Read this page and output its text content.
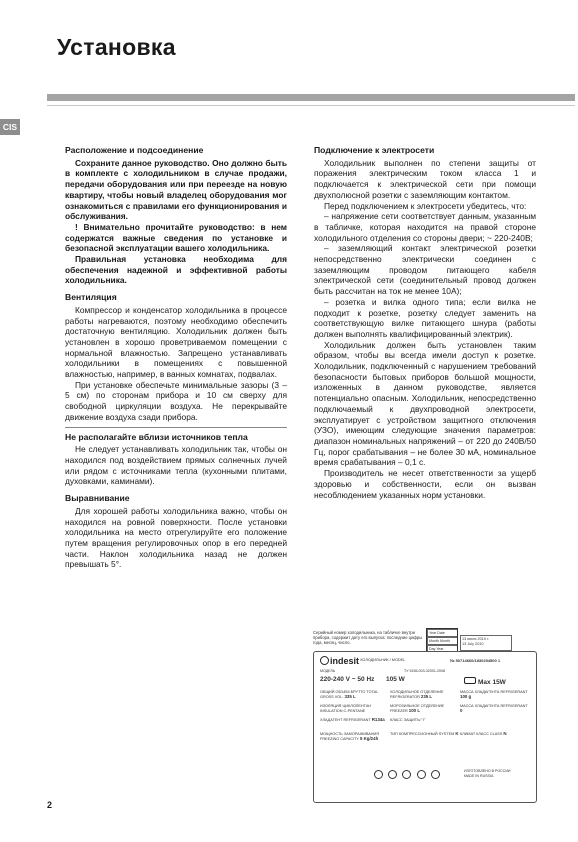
Установка
CIS
Расположение и подсоединение

Сохраните данное руководство. Оно должно быть в комплекте с холодильником в случае продажи, передачи оборудования или при переезде на новую квартиру, чтобы новый владелец оборудования мог ознакомиться с правилами его функционирования и обслуживания.

! Внимательно прочитайте руководство: в нем содержатся важные сведения по установке и безопасной эксплуатации вашего холодильника.

Правильная установка необходима для обеспечения надежной и эффективной работы холодильника.

Вентиляция

Компрессор и конденсатор холодильника в процессе работы нагреваются, поэтому необходимо обеспечить достаточную вентиляцию. Холодильник должен быть установлен в хорошо проветриваемом помещении с нормальной влажностью. Запрещено устанавливать холодильники в помещениях с повышенной влажностью, например, в ванных комнатах, подвалах.

При установке обеспечьте минимальные зазоры (3 – 5 см) по сторонам прибора и 10 см сверху для свободной циркуляции воздуха. Не перекрывайте движение воздуха сзади прибора.

Не располагайте вблизи источников тепла

Не следует устанавливать холодильник так, чтобы он находился под воздействием прямых солнечных лучей или рядом с источниками тепла (кухонными плитами, духовками, каминами).

Выравнивание

Для хорошей работы холодильника важно, чтобы он находился на ровной поверхности. После установки холодильника на место отрегулируйте его положение путем вращения регулировочных опор в его передней части. Наклон холодильника назад не должен превышать 5°.

Подключение к электросети

Холодильник выполнен по степени защиты от поражения электрическим током класса 1 и подключается к электрической сети при помощи двухполюсной розетки с заземляющим контактом.

Перед подключением к электросети убедитесь, что:

– напряжение сети соответствует данным, указанным в табличке, которая находится на правой стороне холодильного отделения со стороны двери; ~ 220-240В;

– заземляющий контакт электрической розетки непосредственно электрически соединен с заземляющим проводом питающего кабеля электрической сети (соединительный провод должен быть рассчитан на ток не менее 10А);

– розетка и вилка одного типа; если вилка не подходит к розетке, розетку следует заменить на соответствующую вилке питающего шнура (работы должен выполнять квалифицированный электрик).

Холодильник должен быть установлен таким образом, чтобы вы всегда имели доступ к розетке. Холодильник, подключенный с нарушением требований безопасности бытовых приборов большой мощности, изложенных в данном руководстве, является потенциально опасным. Холодильник, непосредственно подключаемый к двухпроводной электросети, эксплуатирует с устройством защитного отключения (УЗО), имеющим следующие значения параметров: диапазон номинальных напряжений – от 220 до 240В/50 Гц, порог срабатывания – не более 30 мА, номинальное время срабатывания – 0,1 с.

Производитель не несет ответственности за ущерб здоровью и собственности, если он вызван несоблюдением указанных норм установки.

Серийный номер холодильника, на табличке внутри прибора, содержит дату его выпуска: последние цифры года, месяц, число.
Year Date
Month Month
Day Year
13 июля 2010 г.
13 July 2010
indesit ХОЛОДИЛЬНИК / MODEL	№ 50714660/1830254500 1
МОДЕЛЬ	ТУ 5156-003-32001-2008
220-240 V ~ 50 Hz 105 W	Max 15W
ОБЩИЙ ОБЪЕМ БРУТТО TOTAL GROSS VOL. 335 L
ХОЛОДИЛЬНОЕ ОТДЕЛЕНИЕ REFRIGERATOR 235 L
МАССА ХЛАДАГЕНТА REFRIGERANT 100 g
ИЗОЛЯЦИЯ ЦИКЛОПЕНТАН INSULATION C-PENTANE
МОРОЗИЛЬНОЕ ОТДЕЛЕНИЕ FREEZER 100 L
МАССА ХЛАДАГЕНТА REFRIGERANT 0
ХЛАДАГЕНТ REFRIGERANT R134a	КЛАСС ЗАЩИТЫ "I"
МОЩНОСТЬ ЗАМОРАЖИВАНИЯ FREEZING CAPACITY 5 Kg/24h
ТИП КОМПРЕССИОННЫЙ SYSTEM K КЛИМАТ КЛАСС CLASS N

ИЗГОТОВЛЕНО В РОССИИ
MADE IN RUSSIA
2
